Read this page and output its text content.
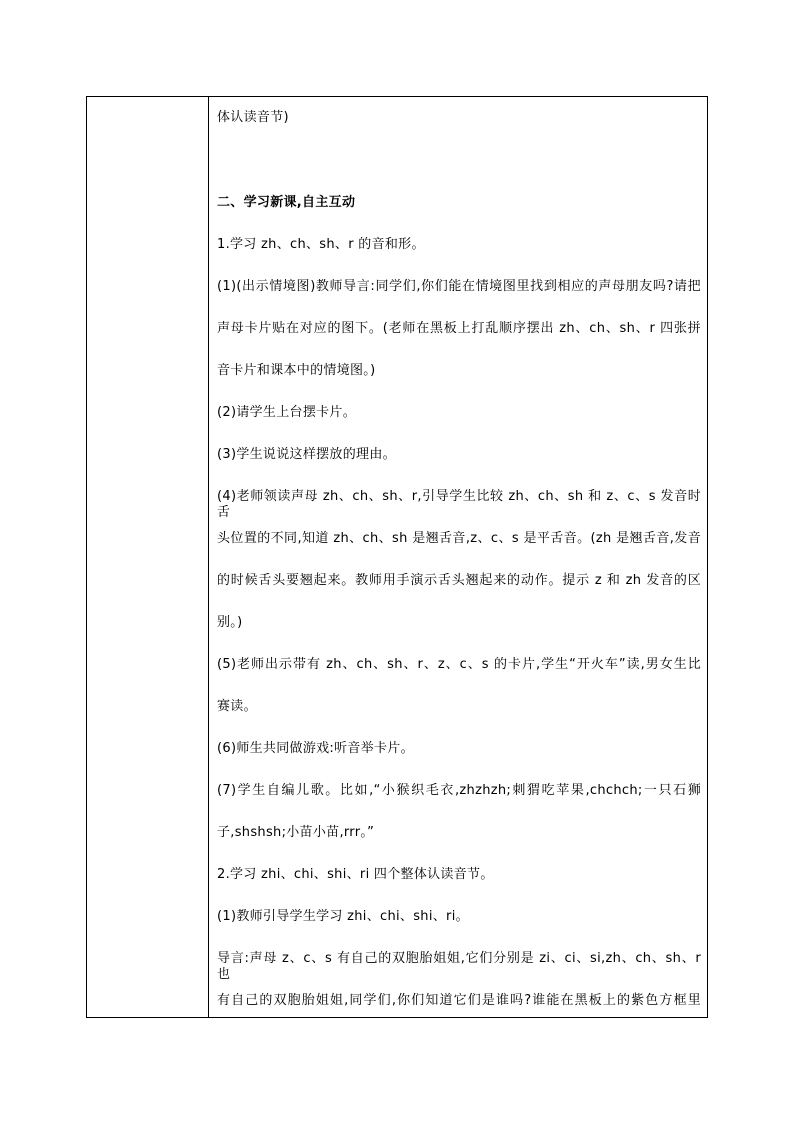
体认读音节)
二、学习新课,自主互动
1.学习 zh、ch、sh、r 的音和形。
(1)(出示情境图)教师导言:同学们,你们能在情境图里找到相应的声母朋友吗?请把
声母卡片贴在对应的图下。(老师在黑板上打乱顺序摆出 zh、ch、sh、r 四张拼
音卡片和课本中的情境图。)
(2)请学生上台摆卡片。
(3)学生说说这样摆放的理由。
(4)老师领读声母 zh、ch、sh、r,引导学生比较 zh、ch、sh 和 z、c、s 发音时舌
头位置的不同,知道 zh、ch、sh 是翘舌音,z、c、s 是平舌音。(zh 是翘舌音,发音
的时候舌头要翘起来。教师用手演示舌头翘起来的动作。提示 z 和 zh 发音的区
别。)
(5)老师出示带有 zh、ch、sh、r、z、c、s 的卡片,学生“开火车”读,男女生比
赛读。
(6)师生共同做游戏:听音举卡片。
(7)学生自编儿歌。比如,“小猴织毛衣,zhzhzh;刺猬吃苹果,chchch;一只石狮
子,shshsh;小苗小苗,rrr。”
2.学习 zhi、chi、shi、ri 四个整体认读音节。
(1)教师引导学生学习 zhi、chi、shi、ri。
导言:声母 z、c、s 有自己的双胞胎姐姐,它们分别是 zi、ci、si,zh、ch、sh、r 也
有自己的双胞胎姐姐,同学们,你们知道它们是谁吗?谁能在黑板上的紫色方框里
